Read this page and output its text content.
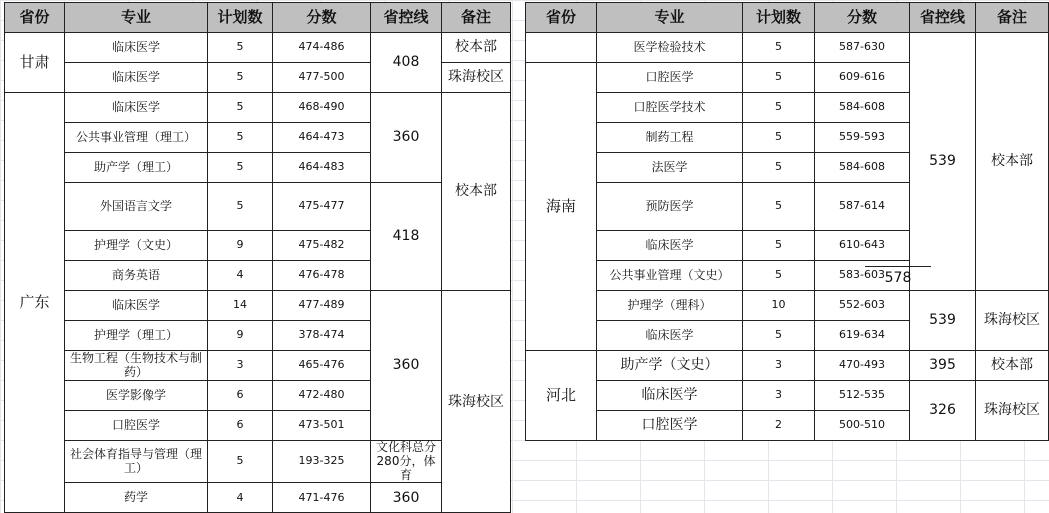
省份	专业	计划数	分数	省控线	备注
甘肃	临床医学	5	474-486	408	校本部
	临床医学	5	477-500		珠海校区
广东	临床医学	5	468-490	360	校本部
	公共事业管理（理工）	5	464-473		
	助产学（理工）	5	464-483		
	外国语言文学	5	475-477	418	
	护理学（文史）	9	475-482		
	商务英语	4	476-478		
	临床医学	14	477-489	360	珠海校区
	护理学（理工）	9	378-474		
	生物工程（生物技术与制药）	3	465-476		
	医学影像学	6	472-480		
	口腔医学	6	473-501		
	社会体育指导与管理（理工）	5	193-325	文化科总分280分，体育	
	药学	4	471-476	360	
省份	专业	计划数	分数	省控线	备注
	医学检验技术	5	587-630	539	校本部
海南	口腔医学	5	609-616		
	口腔医学技术	5	584-608		
	制药工程	5	559-593		
	法医学	5	584-608		
	预防医学	5	587-614		
	临床医学	5	610-643		
	公共事业管理（文史）	5	583-603		
	护理学（理科）	10	552-603	539	珠海校区
	临床医学	5	619-634		
河北	助产学（文史）	3	470-493	395	校本部
	临床医学	3	512-535	326	珠海校区
	口腔医学	2	500-510		
578
